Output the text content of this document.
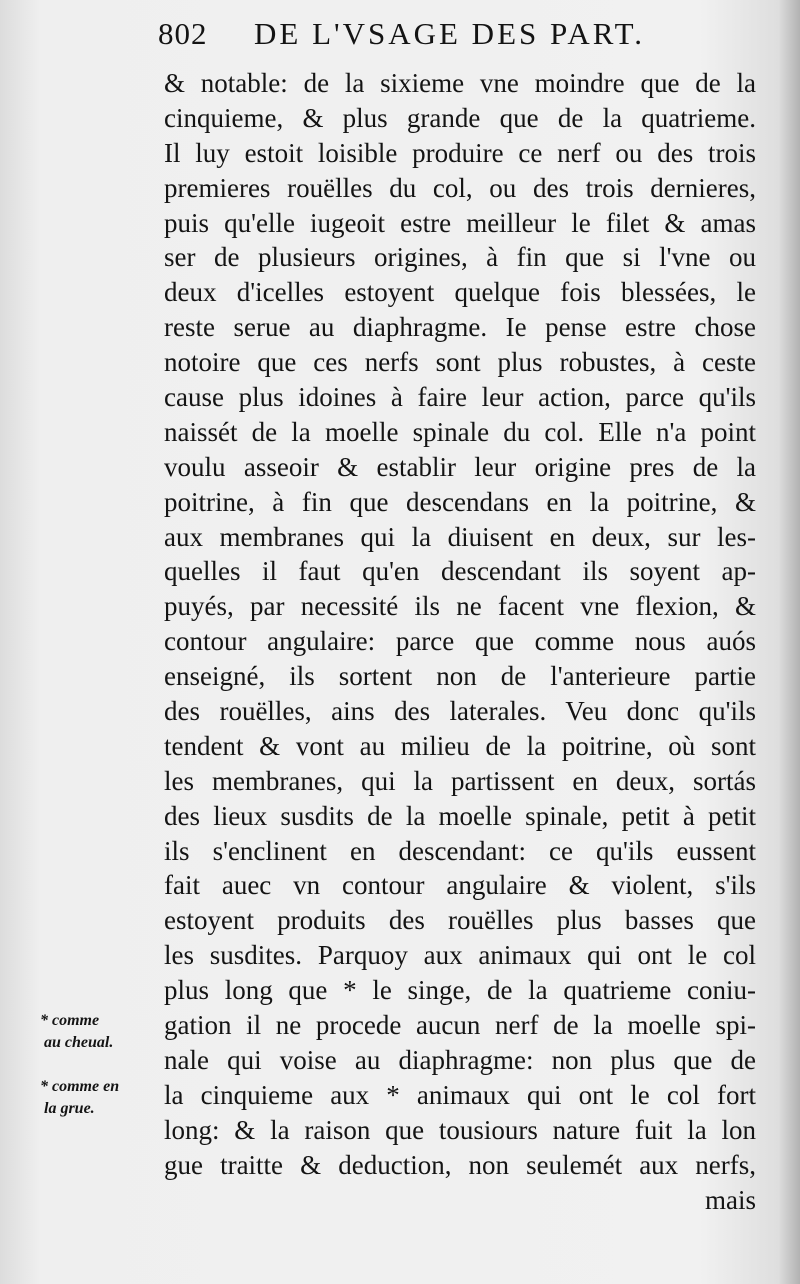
802 DE L'VSAGE DES PART.
& notable: de la sixieme vne moindre que de la
cinquieme, & plus grande que de la quatrieme.
Il luy estoit loisible produire ce nerf ou des trois
premieres rouëlles du col, ou des trois dernieres,
puis qu'elle iugeoit estre meilleur le filet & amas
ser de plusieurs origines, à fin que si l'vne ou
deux d'icelles estoyent quelque fois blessées, le
reste serue au diaphragme. Ie pense estre chose
notoire que ces nerfs sont plus robustes, à ceste
cause plus idoines à faire leur action, parce qu'ils
naissét de la moelle spinale du col. Elle n'a point
voulu asseoir & establir leur origine pres de la
poitrine, à fin que descendans en la poitrine, &
aux membranes qui la diuisent en deux, sur les-
quelles il faut qu'en descendant ils soyent ap-
puyés, par necessité ils ne facent vne flexion, &
contour angulaire: parce que comme nous auós
enseigné, ils sortent non de l'anterieure partie
des rouëlles, ains des laterales. Veu donc qu'ils
tendent & vont au milieu de la poitrine, où sont
les membranes, qui la partissent en deux, sortás
des lieux susdits de la moelle spinale, petit à petit
ils s'enclinent en descendant: ce qu'ils eussent
fait auec vn contour angulaire & violent, s'ils
estoyent produits des rouëlles plus basses que
les susdites. Parquoy aux animaux qui ont le col
plus long que * le singe, de la quatrieme coniu-
gation il ne procede aucun nerf de la moelle spi-
nale qui voise au diaphragme: non plus que de
la cinquieme aux * animaux qui ont le col fort
long: & la raison que tousiours nature fuit la lon
gue traitte & deduction, non seulemét aux nerfs,
mais
* comme
au cheual.
* comme en
la grue.
